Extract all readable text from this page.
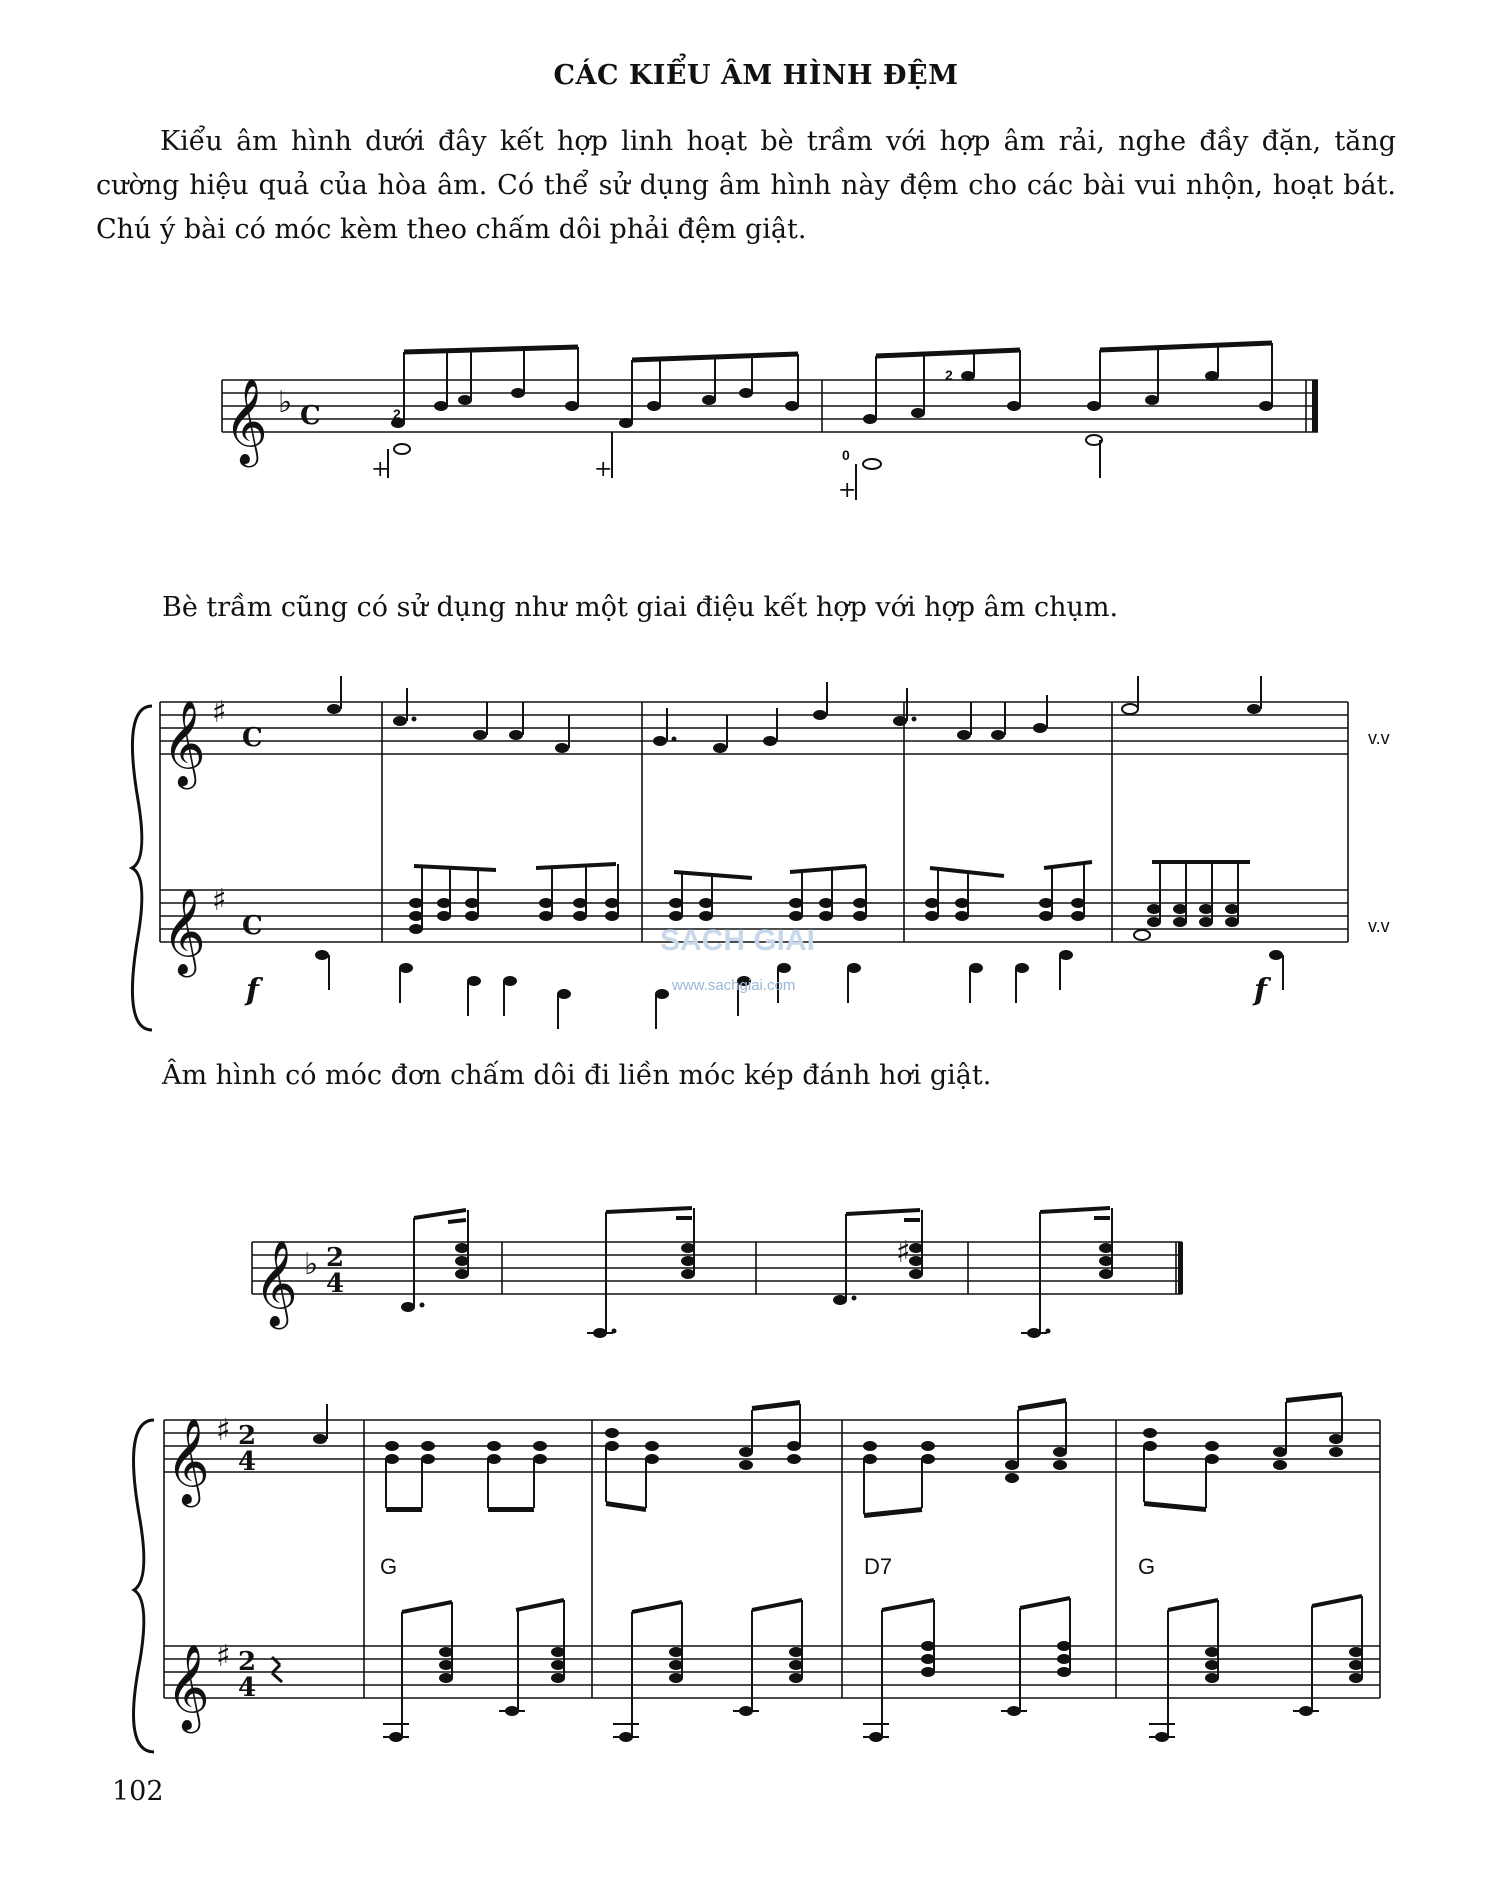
CÁC KIỂU ÂM HÌNH ĐỆM
Kiểu âm hình dưới đây kết hợp linh hoạt bè trầm với hợp âm rải, nghe đầy đặn, tăng cường hiệu quả của hòa âm. Có thể sử dụng âm hình này đệm cho các bài vui nhộn, hoạt bát. Chú ý bài có móc kèm theo chấm dôi phải đệm giật.
Bè trầm cũng có sử dụng như một giai điệu kết hợp với hợp âm chụm.
Âm hình có móc đơn chấm dôi đi liền móc kép đánh hơi giật.
102
𝄞 ♭ C
+
2
+
+
0
2
𝄞
𝄞
♯
♯
C
C
f	f
v.v
v.v
SACH GIAI
www.sachgiai.com
𝄞 ♭ 2
4
♯
𝄞
𝄞
♯
♯
2
4
2
4
G	D7	G
